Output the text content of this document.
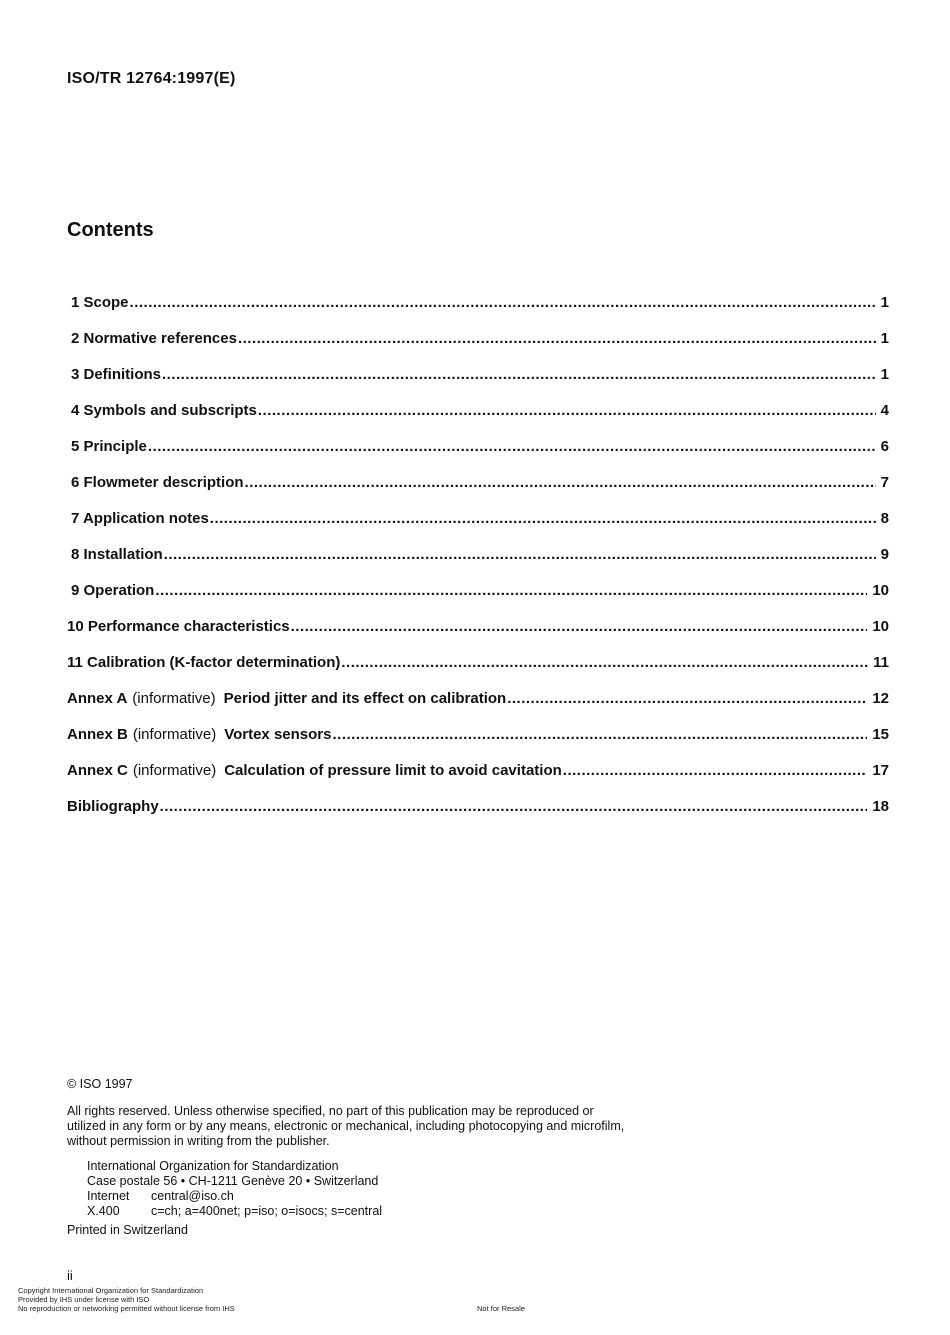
ISO/TR 12764:1997(E)
Contents
1 Scope .....	1
2 Normative references .....	1
3 Definitions .....	1
4 Symbols and subscripts .....	4
5 Principle .....	6
6 Flowmeter description .....	7
7 Application notes .....	8
8 Installation .....	9
9 Operation .....	10
10 Performance characteristics .....	10
11 Calibration (K-factor determination) .....	11
Annex A (informative) Period jitter and its effect on calibration .....	12
Annex B (informative) Vortex sensors .....	15
Annex C (informative) Calculation of pressure limit to avoid cavitation .....	17
Bibliography .....	18
© ISO 1997
All rights reserved. Unless otherwise specified, no part of this publication may be reproduced or utilized in any form or by any means, electronic or mechanical, including photocopying and microfilm, without permission in writing from the publisher.
International Organization for Standardization
Case postale 56 • CH-1211 Genève 20 • Switzerland
Internet	central@iso.ch
X.400	c=ch; a=400net; p=iso; o=isocs; s=central
Printed in Switzerland
ii
Copyright International Organization for Standardization
Provided by IHS under license with ISO
No reproduction or networking permitted without license from IHS	Not for Resale
